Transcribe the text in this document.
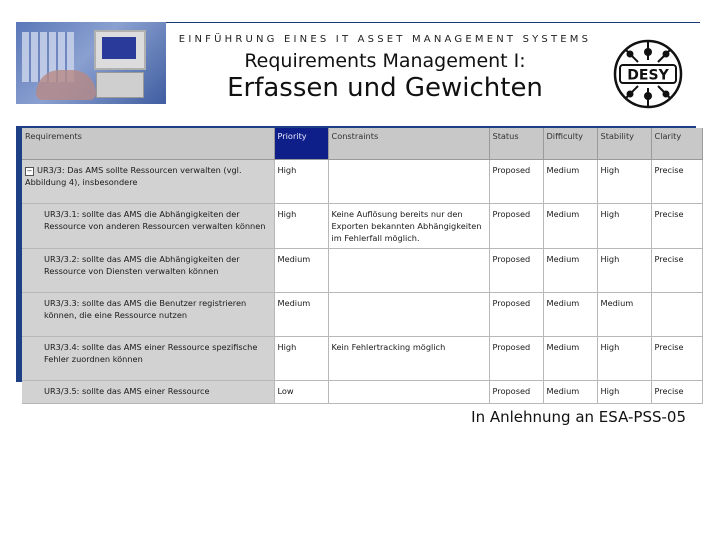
EINFÜHRUNG EINES IT ASSET MANAGEMENT SYSTEMS
Requirements Management I:
Erfassen und Gewichten	DESY
Requirements	Priority	Constraints	Status	Difficulty	Stability	Clarity
− UR3/3: Das AMS sollte Ressourcen verwalten (vgl. Abbildung 4), insbesondere	High		Proposed	Medium	High	Precise
UR3/3.1: sollte das AMS die Abhängigkeiten der Ressource von anderen Ressourcen verwalten können	High	Keine Auflösung bereits nur den Exporten bekannten Abhängigkeiten im Fehlerfall möglich.	Proposed	Medium	High	Precise
UR3/3.2: sollte das AMS die Abhängigkeiten der Ressource von Diensten verwalten können	Medium		Proposed	Medium	High	Precise
UR3/3.3: sollte das AMS die Benutzer registrieren können, die eine Ressource nutzen	Medium		Proposed	Medium	Medium	
UR3/3.4: sollte das AMS einer Ressource spezifische Fehler zuordnen können	High	Kein Fehlertracking möglich	Proposed	Medium	High	Precise
UR3/3.5: sollte das AMS einer Ressource	Low		Proposed	Medium	High	Precise
In Anlehnung an ESA-PSS-05
